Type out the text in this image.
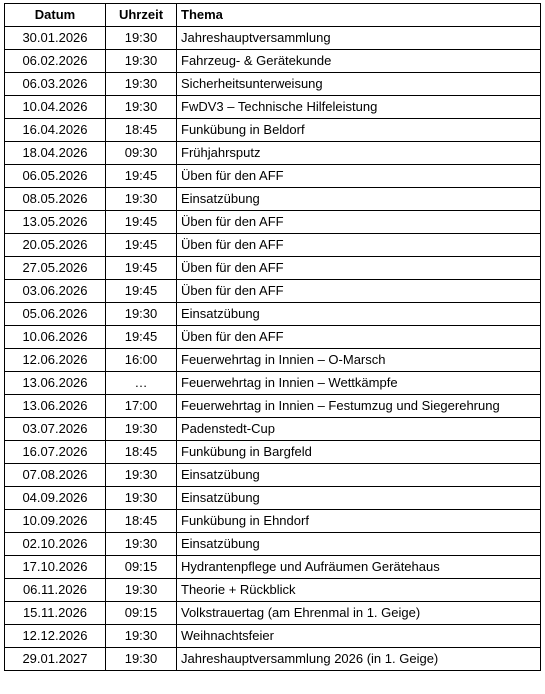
Datum	Uhrzeit	Thema
30.01.2026	19:30	Jahreshauptversammlung
06.02.2026	19:30	Fahrzeug- & Gerätekunde
06.03.2026	19:30	Sicherheitsunterweisung
10.04.2026	19:30	FwDV3 – Technische Hilfeleistung
16.04.2026	18:45	Funkübung in Beldorf
18.04.2026	09:30	Frühjahrsputz
06.05.2026	19:45	Üben für den AFF
08.05.2026	19:30	Einsatzübung
13.05.2026	19:45	Üben für den AFF
20.05.2026	19:45	Üben für den AFF
27.05.2026	19:45	Üben für den AFF
03.06.2026	19:45	Üben für den AFF
05.06.2026	19:30	Einsatzübung
10.06.2026	19:45	Üben für den AFF
12.06.2026	16:00	Feuerwehrtag in Innien – O-Marsch
13.06.2026	…	Feuerwehrtag in Innien – Wettkämpfe
13.06.2026	17:00	Feuerwehrtag in Innien – Festumzug und Siegerehrung
03.07.2026	19:30	Padenstedt-Cup
16.07.2026	18:45	Funkübung in Bargfeld
07.08.2026	19:30	Einsatzübung
04.09.2026	19:30	Einsatzübung
10.09.2026	18:45	Funkübung in Ehndorf
02.10.2026	19:30	Einsatzübung
17.10.2026	09:15	Hydrantenpflege und Aufräumen Gerätehaus
06.11.2026	19:30	Theorie + Rückblick
15.11.2026	09:15	Volkstrauertag (am Ehrenmal in 1. Geige)
12.12.2026	19:30	Weihnachtsfeier
29.01.2027	19:30	Jahreshauptversammlung 2026 (in 1. Geige)
